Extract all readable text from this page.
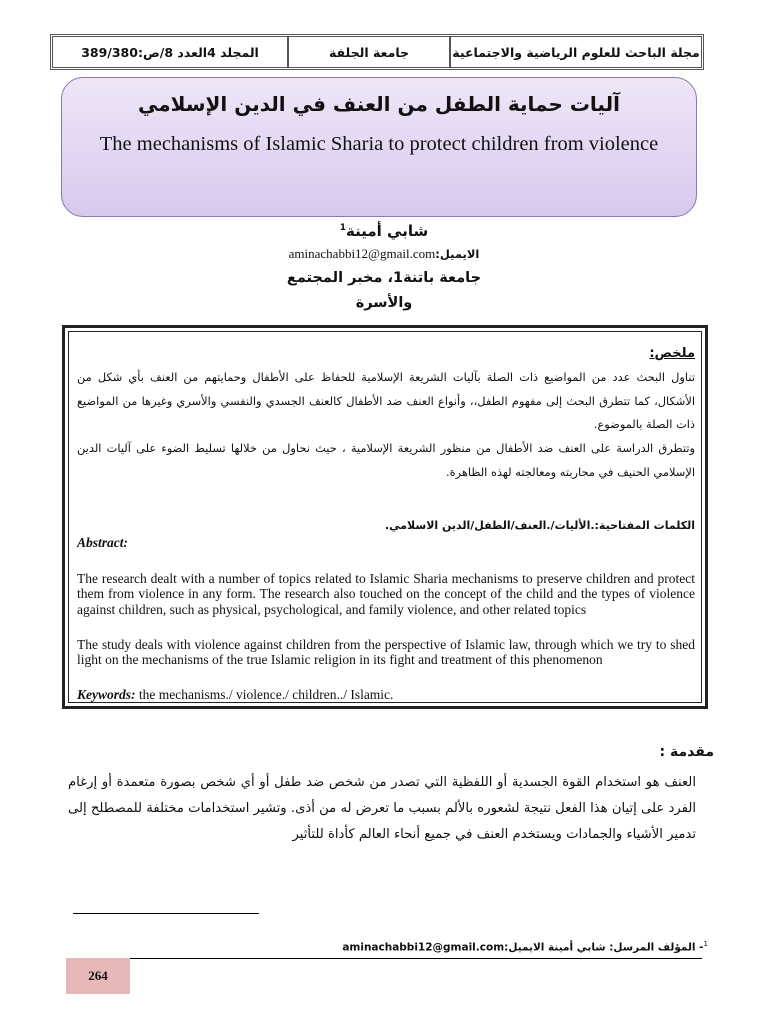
مجلة الباحث للعلوم الرياضية والاجتماعية
جامعة الجلفة
المجلد 4العدد 8/ص:389/380
آليات حماية الطفل من العنف في الدين الإسلامي
The mechanisms of Islamic Sharia to protect children from violence
شابي أمينة$^1$
الايميل:aminachabbi12@gmail.com
جامعة باتنة1، مخبر المجتمع
والأسرة
ملخص:
تناول البحث عدد من المواضيع ذات الصلة بآليات الشريعة الإسلامية للحفاظ على الأطفال وحمايتهم من العنف بأي شكل من الأشكال، كما تتطرق البحث إلى مفهوم الطفل،، وأنواع العنف ضد الأطفال كالعنف الجسدي والنفسي والأسري وغيرها من المواضيع ذات الصلة بالموضوع.
وتتطرق الدراسة على العنف ضد الأطفال من منظور الشريعة الإسلامية ، حيث نحاول من خلالها تسليط الضوء على آليات الدين الإسلامي الحنيف في محاربته ومعالجته لهذه الظاهرة.
الكلمات المفتاحية:.الأليات/.العنف/الطفل/الدين الاسلامي.
Abstract:
The research dealt with a number of topics related to Islamic Sharia mechanisms to preserve children and protect them from violence in any form. The research also touched on the concept of the child and the types of violence against children, such as physical, psychological, and family violence, and other related topics
The study deals with violence against children from the perspective of Islamic law, through which we try to shed light on the mechanisms of the true Islamic religion in its fight and treatment of this phenomenon
Keywords: the mechanisms./ violence./ children../ Islamic.
مقدمة :
العنف هو استخدام القوة الجسدية أو اللفظية التي تصدر من شخص ضد طفل أو أي شخص بصورة متعمدة أو إرغام الفرد على إتيان هذا الفعل نتيجة لشعوره بالألم بسبب ما تعرض له من أذى. وتشير استخدامات مختلفة للمصطلح إلى تدمير الأشياء والجمادات ويستخدم العنف في جميع أنحاء العالم كأداة للتأثير
$^1$- المؤلف المرسل: شابي أمينة الايميل:aminachabbi12@gmail.com
264
